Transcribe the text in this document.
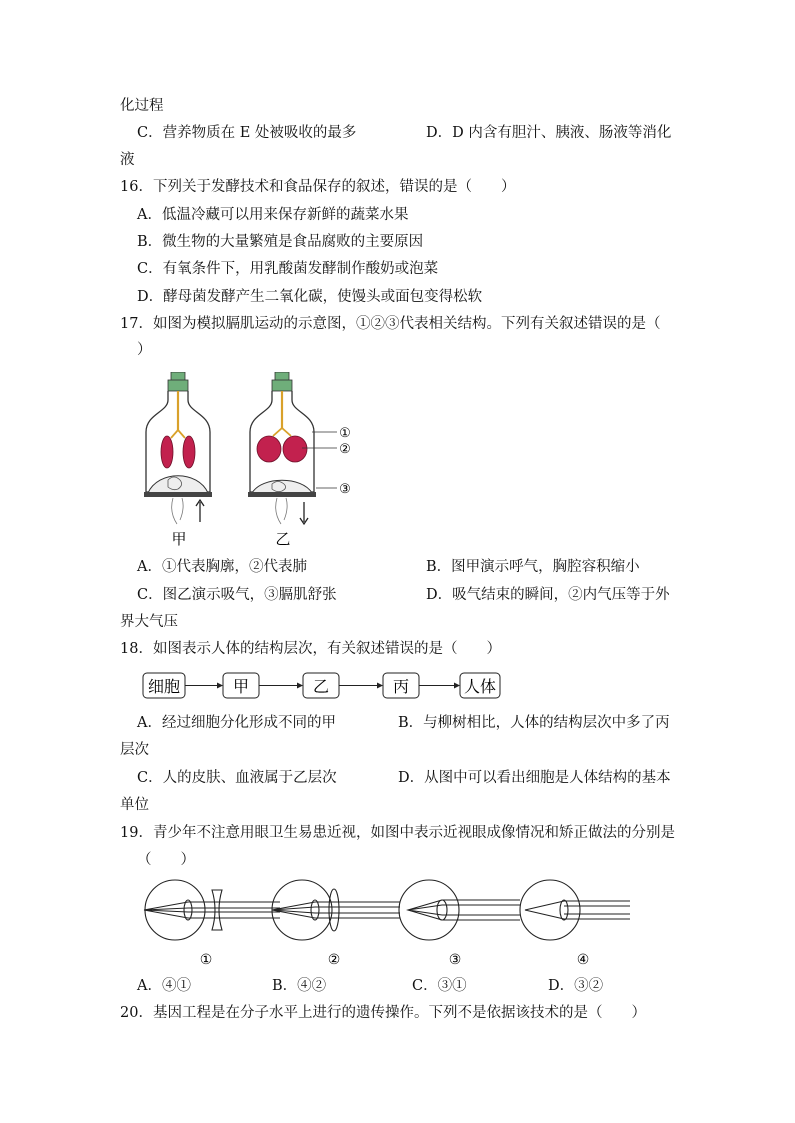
化过程
C．营养物质在 E 处被吸收的最多	D．D 内含有胆汁、胰液、肠液等消化
液
16．下列关于发酵技术和食品保存的叙述，错误的是（　　）
A．低温冷藏可以用来保存新鲜的蔬菜水果
B．微生物的大量繁殖是食品腐败的主要原因
C．有氧条件下，用乳酸菌发酵制作酸奶或泡菜
D．酵母菌发酵产生二氧化碳，使馒头或面包变得松软
17．如图为模拟膈肌运动的示意图，①②③代表相关结构。下列有关叙述错误的是（
）
①
②
③
甲	乙
A．①代表胸廓，②代表肺	B．图甲演示呼气，胸腔容积缩小
C．图乙演示吸气，③膈肌舒张	D．吸气结束的瞬间，②内气压等于外
界大气压
18．如图表示人体的结构层次，有关叙述错误的是（　　）
细胞	甲	乙	丙	人体
A．经过细胞分化形成不同的甲	B．与柳树相比，人体的结构层次中多了丙
层次
C．人的皮肤、血液属于乙层次	D．从图中可以看出细胞是人体结构的基本
单位
19．青少年不注意用眼卫生易患近视，如图中表示近视眼成像情况和矫正做法的分别是
（　　）
①	②	③	④
A．④①	B．④②	C．③①	D．③②
20．基因工程是在分子水平上进行的遗传操作。下列不是依据该技术的是（　　）
